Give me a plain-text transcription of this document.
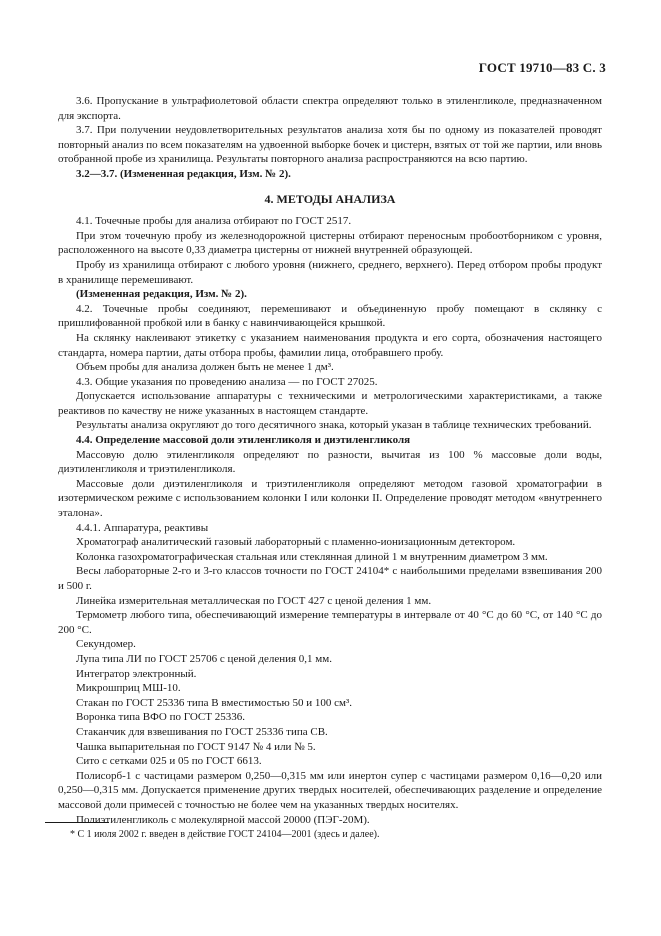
ГОСТ 19710—83 С. 3

3.6. Пропускание в ультрафиолетовой области спектра определяют только в этиленгликоле, предназначенном для экспорта.

3.7. При получении неудовлетворительных результатов анализа хотя бы по одному из показателей проводят повторный анализ по всем показателям на удвоенной выборке бочек и цистерн, взятых от той же партии, или вновь отобранной пробе из хранилища. Результаты повторного анализа распространяются на всю партию.

3.2—3.7. (Измененная редакция, Изм. № 2).

4. МЕТОДЫ АНАЛИЗА

4.1. Точечные пробы для анализа отбирают по ГОСТ 2517.

При этом точечную пробу из железнодорожной цистерны отбирают переносным пробоотборником с уровня, расположенного на высоте 0,33 диаметра цистерны от нижней внутренней образующей.

Пробу из хранилища отбирают с любого уровня (нижнего, среднего, верхнего). Перед отбором пробы продукт в хранилище перемешивают.

(Измененная редакция, Изм. № 2).

4.2. Точечные пробы соединяют, перемешивают и объединенную пробу помещают в склянку с пришлифованной пробкой или в банку с навинчивающейся крышкой.

На склянку наклеивают этикетку с указанием наименования продукта и его сорта, обозначения настоящего стандарта, номера партии, даты отбора пробы, фамилии лица, отобравшего пробу.

Объем пробы для анализа должен быть не менее 1 дм³.

4.3. Общие указания по проведению анализа — по ГОСТ 27025.

Допускается использование аппаратуры с техническими и метрологическими характеристиками, а также реактивов по качеству не ниже указанных в настоящем стандарте.

Результаты анализа округляют до того десятичного знака, который указан в таблице технических требований.

4.4. Определение массовой доли этиленгликоля и диэтиленгликоля

Массовую долю этиленгликоля определяют по разности, вычитая из 100 % массовые доли воды, диэтиленгликоля и триэтиленгликоля.

Массовые доли диэтиленгликоля и триэтиленгликоля определяют методом газовой хроматографии в изотермическом режиме с использованием колонки I или колонки II. Определение проводят методом «внутреннего эталона».

4.4.1. Аппаратура, реактивы

Хроматограф аналитический газовый лабораторный с пламенно-ионизационным детектором.

Колонка газохроматографическая стальная или стеклянная длиной 1 м внутренним диаметром 3 мм.

Весы лабораторные 2-го и 3-го классов точности по ГОСТ 24104* с наибольшими пределами взвешивания 200 и 500 г.

Линейка измерительная металлическая по ГОСТ 427 с ценой деления 1 мм.

Термометр любого типа, обеспечивающий измерение температуры в интервале от 40 °С до 60 °С, от 140 °С до 200 °С.

Секундомер.

Лупа типа ЛИ по ГОСТ 25706 с ценой деления 0,1 мм.

Интегратор электронный.

Микрошприц МШ-10.

Стакан по ГОСТ 25336 типа В вместимостью 50 и 100 см³.

Воронка типа ВФО по ГОСТ 25336.

Стаканчик для взвешивания по ГОСТ 25336 типа СВ.

Чашка выпарительная по ГОСТ 9147 № 4 или № 5.

Сито с сетками 025 и 05 по ГОСТ 6613.

Полисорб-1 с частицами размером 0,250—0,315 мм или инертон супер с частицами размером 0,16—0,20 или 0,250—0,315 мм. Допускается применение других твердых носителей, обеспечивающих разделение и определение массовой доли примесей с точностью не более чем на указанных твердых носителях.

Полиэтиленгликоль с молекулярной массой 20000 (ПЭГ-20М).

* С 1 июля 2002 г. введен в действие ГОСТ 24104—2001 (здесь и далее).
